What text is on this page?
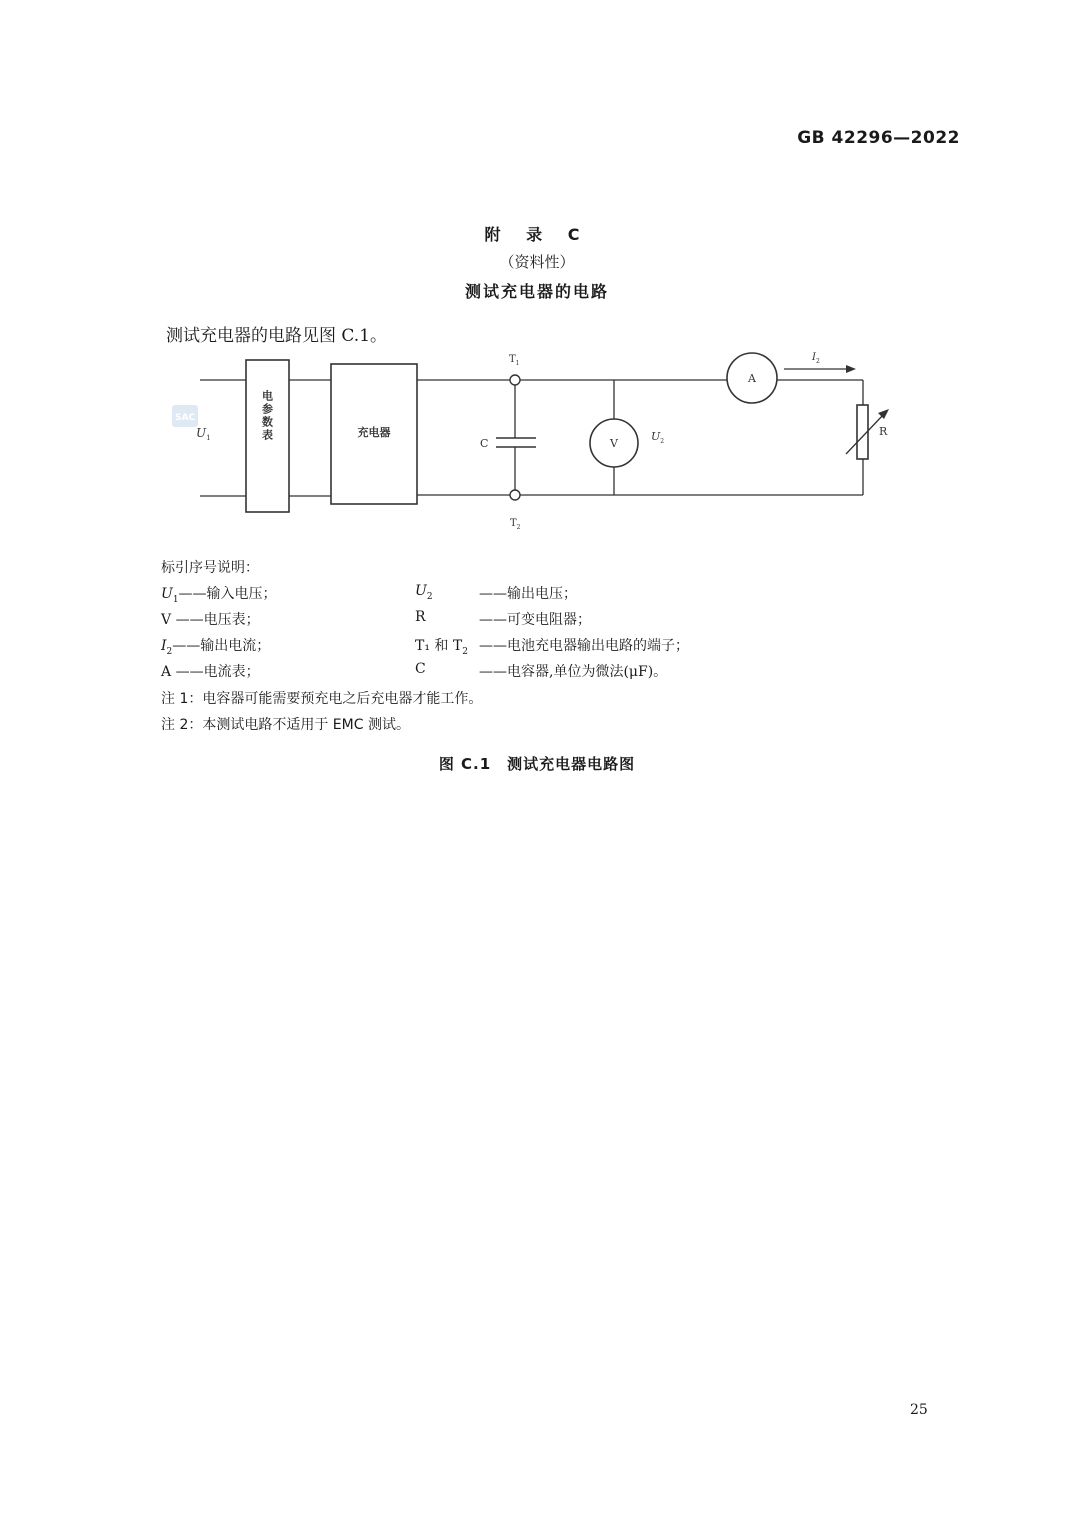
GB 42296—2022
附 录 C
（资料性）
测试充电器的电路
测试充电器的电路见图 C.1。
SAC
$U_1$	电参数表	充电器
$T_1$
$T_2$
C	V
$U_2$
A
$I_2$
R
标引序号说明：
$U_1——$输入电压；	$U_2$	——输出电压；
V ——电压表；	R	——可变电阻器；
$I_2——$输出电流；	T₁ 和 $T_2$ ——电池充电器输出电路的端子；
A ——电流表；	C	——电容器,单位为微法(μF)。
注 1：电容器可能需要预充电之后充电器才能工作。
注 2：本测试电路不适用于 EMC 测试。
图 C.1　测试充电器电路图
25
